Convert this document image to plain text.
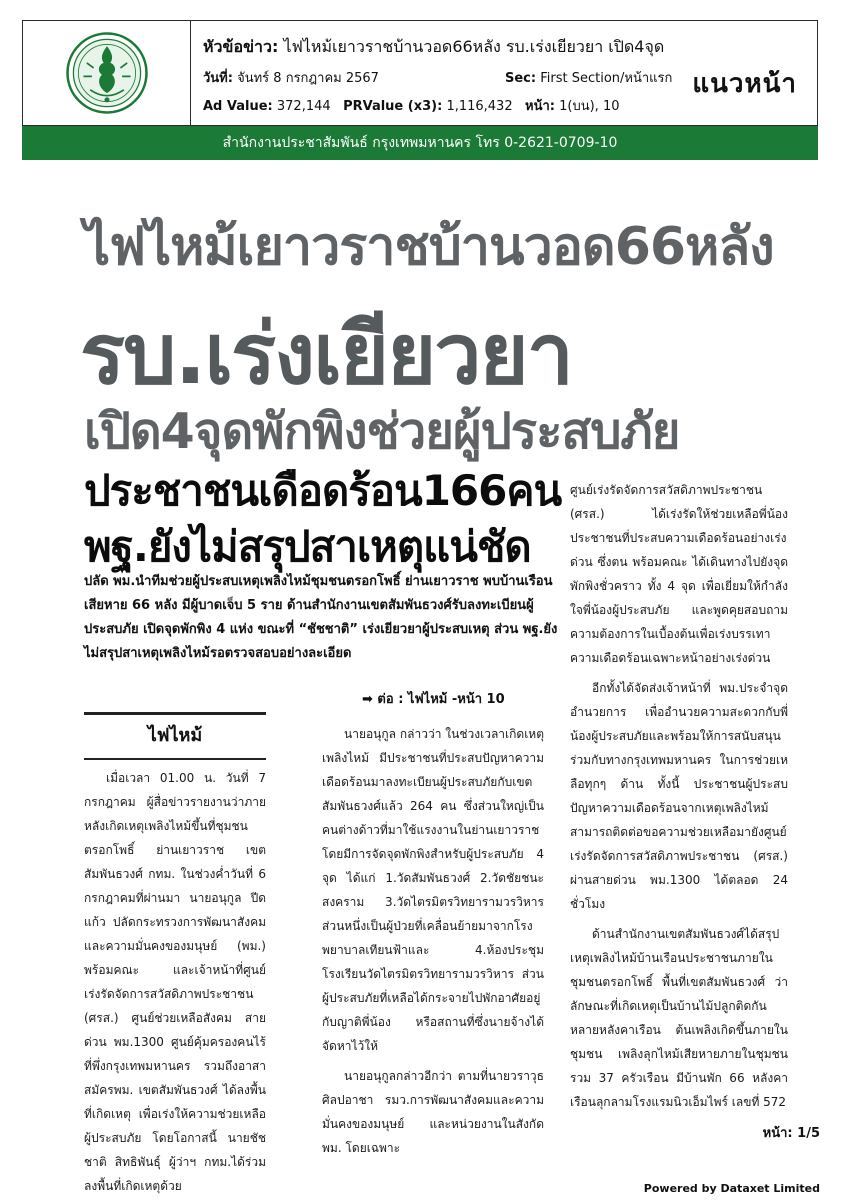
หัวข้อข่าว: ไฟไหม้เยาวราชบ้านวอด66หลัง รบ.เร่งเยียวยา เปิด4จุด
วันที่: จันทร์ 8 กรกฎาคม 2567	Sec: First Section/หน้าแรก
Ad Value: 372,144 PRValue (x3): 1,116,432 หน้า: 1(บน), 10
แนวหน้า
สำนักงานประชาสัมพันธ์ กรุงเทพมหานคร โทร 0-2621-0709-10
ไฟไหม้เยาวราชบ้านวอด66หลัง
รบ.เร่งเยียวยา
เปิด4จุดพักพิงช่วยผู้ประสบภัย
ประชาชนเดือดร้อน166คน
พฐ.ยังไม่สรุปสาเหตุแน่ชัด
ปลัด พม.นำทีมช่วยผู้ประสบเหตุเพลิงไหม้ชุมชนตรอกโพธิ์ ย่านเยาวราช พบบ้านเรือนเสียหาย 66 หลัง มีผู้บาดเจ็บ 5 ราย ด้านสำนักงานเขตสัมพันธวงศ์รับลงทะเบียนผู้ประสบภัย เปิดจุดพักพิง 4 แห่ง ขณะที่ “ชัชชาติ” เร่งเยียวยาผู้ประสบเหตุ ส่วน พฐ.ยังไม่สรุปสาเหตุเพลิงไหม้รอตรวจสอบอย่างละเอียด
➡ ต่อ : ไฟไหม้ -หน้า 10
ไฟไหม้

เมื่อเวลา 01.00 น. วันที่ 7 กรกฎาคม ผู้สื่อข่าวรายงานว่าภายหลังเกิดเหตุเพลิงไหม้ขึ้นที่ชุมชนตรอกโพธิ์ ย่านเยาวราช เขตสัมพันธวงศ์ กทม. ในช่วงค่ำวันที่ 6 กรกฎาคมที่ผ่านมา นายอนุกูล ปีดแก้ว ปลัดกระทรวงการพัฒนาสังคมและความมั่นคงของมนุษย์ (พม.) พร้อมคณะ และเจ้าหน้าที่ศูนย์เร่งรัดจัดการสวัสดิภาพประชาชน (ศรส.) ศูนย์ช่วยเหลือสังคม สายด่วน พม.1300 ศูนย์คุ้มครองคนไร้ที่พึ่งกรุงเทพมหานคร รวมถึงอาสาสมัครพม. เขตสัมพันธวงศ์ ได้ลงพื้นที่เกิดเหตุ เพื่อเร่งให้ความช่วยเหลือผู้ประสบภัย โดยโอกาสนี้ นายชัชชาติ สิทธิพันธุ์ ผู้ว่าฯ กทม.ได้ร่วมลงพื้นที่เกิดเหตุด้วย

นายอนุกูล กล่าวว่า ในช่วงเวลาเกิดเหตุเพลิงไหม้ มีประชาชนที่ประสบปัญหาความเดือดร้อนมาลงทะเบียนผู้ประสบภัยกับเขตสัมพันธวงศ์แล้ว 264 คน ซึ่งส่วนใหญ่เป็นคนต่างด้าวที่มาใช้แรงงานในย่านเยาวราช โดยมีการจัดจุดพักพิงสำหรับผู้ประสบภัย 4 จุด ได้แก่ 1.วัดสัมพันธวงศ์ 2.วัดชัยชนะสงคราม 3.วัดไตรมิตรวิทยารามวรวิหาร ส่วนหนึ่งเป็นผู้ป่วยที่เคลื่อนย้ายมาจากโรงพยาบาลเทียนฟ้าและ 4.ห้องประชุมโรงเรียนวัดไตรมิตรวิทยารามวรวิหาร ส่วนผู้ประสบภัยที่เหลือได้กระจายไปพักอาศัยอยู่กับญาติพี่น้อง หรือสถานที่ซึ่งนายจ้างได้จัดหาไว้ให้

นายอนุกูลกล่าวอีกว่า ตามที่นายวราวุธ ศิลปอาชา รมว.การพัฒนาสังคมและความมั่นคงของมนุษย์ และหน่วยงานในสังกัด พม. โดยเฉพาะ

ศูนย์เร่งรัดจัดการสวัสดิภาพประชาชน (ศรส.) ได้เร่งรัดให้ช่วยเหลือพี่น้องประชาชนที่ประสบความเดือดร้อนอย่างเร่งด่วน ซึ่งตน พร้อมคณะ ได้เดินทางไปยังจุดพักพิงชั่วคราว ทั้ง 4 จุด เพื่อเยี่ยมให้กำลังใจพี่น้องผู้ประสบภัย และพูดคุยสอบถามความต้องการในเบื้องต้นเพื่อเร่งบรรเทาความเดือดร้อนเฉพาะหน้าอย่างเร่งด่วน

อีกทั้งได้จัดส่งเจ้าหน้าที่ พม.ประจำจุดอำนวยการ เพื่ออำนวยความสะดวกกับพี่น้องผู้ประสบภัยและพร้อมให้การสนับสนุนร่วมกับทางกรุงเทพมหานคร ในการช่วยเหลือทุกๆ ด้าน ทั้งนี้ ประชาชนผู้ประสบปัญหาความเดือดร้อนจากเหตุเพลิงไหม้สามารถติดต่อขอความช่วยเหลือมายังศูนย์เร่งรัดจัดการสวัสดิภาพประชาชน (ศรส.) ผ่านสายด่วน พม.1300 ได้ตลอด 24 ชั่วโมง

ด้านสำนักงานเขตสัมพันธวงศ์ได้สรุปเหตุเพลิงไหม้บ้านเรือนประชาชนภายในชุมชนตรอกโพธิ์ พื้นที่เขตสัมพันธวงศ์ ว่าลักษณะที่เกิดเหตุเป็นบ้านไม้ปลูกติดกันหลายหลังคาเรือน ต้นเพลิงเกิดขึ้นภายในชุมชน เพลิงลุกไหม้เสียหายภายในชุมชน รวม 37 ครัวเรือน มีบ้านพัก 66 หลังคาเรือนลุกลามโรงแรมนิวเอ็มไพร์ เลขที่ 572

หน้า: 1/5
Powered by Dataxet Limited
